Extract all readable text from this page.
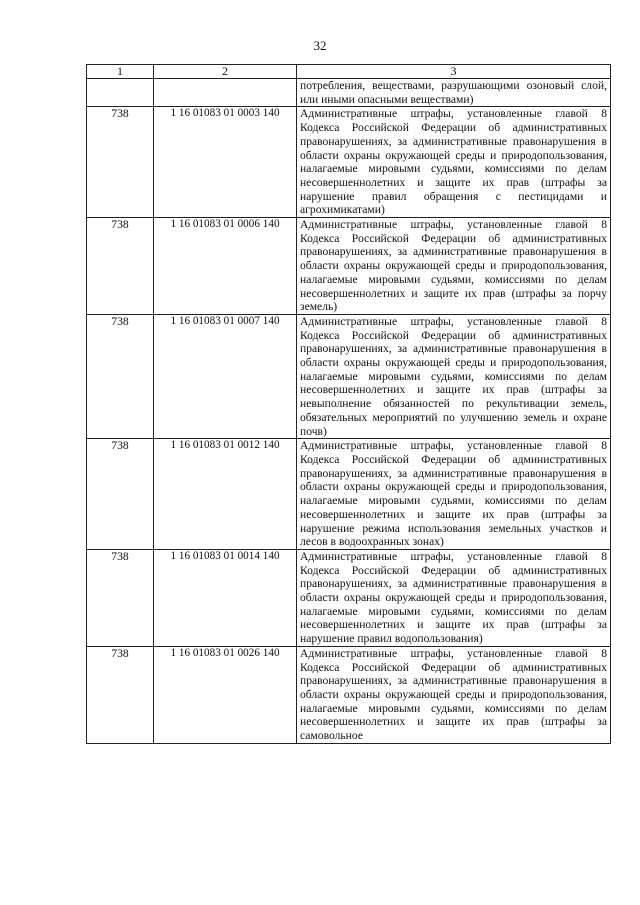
32
1	2	3
		потребления, веществами, разрушающими озоновый слой, или иными опасными веществами)
738	1 16 01083 01 0003 140	Административные штрафы, установленные главой 8 Кодекса Российской Федерации об административных правонарушениях, за административные правонарушения в области охраны окружающей среды и природопользования, налагаемые мировыми судьями, комиссиями по делам несовершеннолетних и защите их прав (штрафы за нарушение правил обращения с пестицидами и агрохимикатами)
738	1 16 01083 01 0006 140	Административные штрафы, установленные главой 8 Кодекса Российской Федерации об административных правонарушениях, за административные правонарушения в области охраны окружающей среды и природопользования, налагаемые мировыми судьями, комиссиями по делам несовершеннолетних и защите их прав (штрафы за порчу земель)
738	1 16 01083 01 0007 140	Административные штрафы, установленные главой 8 Кодекса Российской Федерации об административных правонарушениях, за административные правонарушения в области охраны окружающей среды и природопользования, налагаемые мировыми судьями, комиссиями по делам несовершеннолетних и защите их прав (штрафы за невыполнение обязанностей по рекультивации земель, обязательных мероприятий по улучшению земель и охране почв)
738	1 16 01083 01 0012 140	Административные штрафы, установленные главой 8 Кодекса Российской Федерации об административных правонарушениях, за административные правонарушения в области охраны окружающей среды и природопользования, налагаемые мировыми судьями, комиссиями по делам несовершеннолетних и защите их прав (штрафы за нарушение режима использования земельных участков и лесов в водоохранных зонах)
738	1 16 01083 01 0014 140	Административные штрафы, установленные главой 8 Кодекса Российской Федерации об административных правонарушениях, за административные правонарушения в области охраны окружающей среды и природопользования, налагаемые мировыми судьями, комиссиями по делам несовершеннолетних и защите их прав (штрафы за нарушение правил водопользования)
738	1 16 01083 01 0026 140	Административные штрафы, установленные главой 8 Кодекса Российской Федерации об административных правонарушениях, за административные правонарушения в области охраны окружающей среды и природопользования, налагаемые мировыми судьями, комиссиями по делам несовершеннолетних и защите их прав (штрафы за самовольное
